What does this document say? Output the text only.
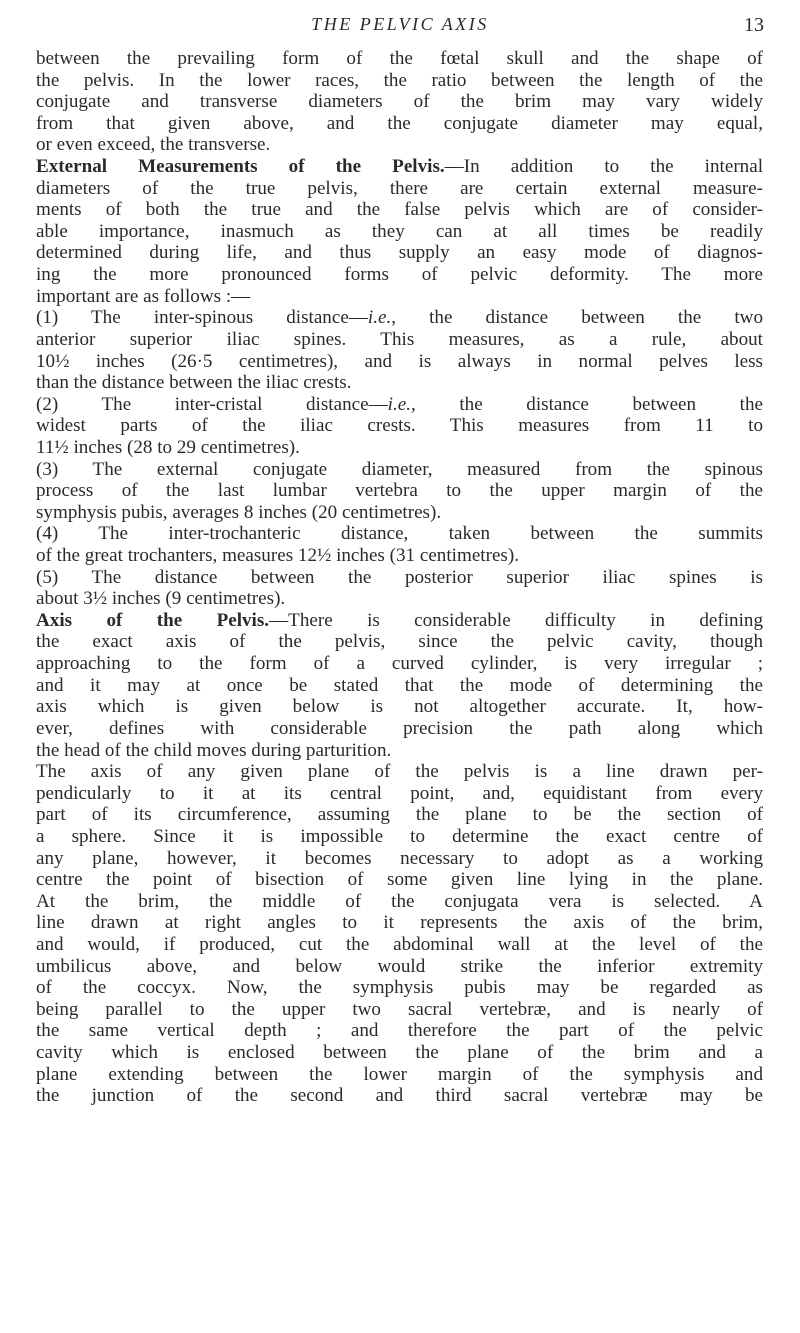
THE PELVIC AXIS	13
between the prevailing form of the fœtal skull and the shape of
the pelvis. In the lower races, the ratio between the length of the
conjugate and transverse diameters of the brim may vary widely
from that given above, and the conjugate diameter may equal,
or even exceed, the transverse.
External Measurements of the Pelvis.—In addition to the internal
diameters of the true pelvis, there are certain external measure-
ments of both the true and the false pelvis which are of consider-
able importance, inasmuch as they can at all times be readily
determined during life, and thus supply an easy mode of diagnos-
ing the more pronounced forms of pelvic deformity. The more
important are as follows :—
(1) The inter-spinous distance—i.e., the distance between the two
anterior superior iliac spines. This measures, as a rule, about
10½ inches (26·5 centimetres), and is always in normal pelves less
than the distance between the iliac crests.
(2) The inter-cristal distance—i.e., the distance between the
widest parts of the iliac crests. This measures from 11 to
11½ inches (28 to 29 centimetres).
(3) The external conjugate diameter, measured from the spinous
process of the last lumbar vertebra to the upper margin of the
symphysis pubis, averages 8 inches (20 centimetres).
(4) The inter-trochanteric distance, taken between the summits
of the great trochanters, measures 12½ inches (31 centimetres).
(5) The distance between the posterior superior iliac spines is
about 3½ inches (9 centimetres).
Axis of the Pelvis.—There is considerable difficulty in defining
the exact axis of the pelvis, since the pelvic cavity, though
approaching to the form of a curved cylinder, is very irregular ;
and it may at once be stated that the mode of determining the
axis which is given below is not altogether accurate. It, how-
ever, defines with considerable precision the path along which
the head of the child moves during parturition.
The axis of any given plane of the pelvis is a line drawn per-
pendicularly to it at its central point, and, equidistant from every
part of its circumference, assuming the plane to be the section of
a sphere. Since it is impossible to determine the exact centre of
any plane, however, it becomes necessary to adopt as a working
centre the point of bisection of some given line lying in the plane.
At the brim, the middle of the conjugata vera is selected. A
line drawn at right angles to it represents the axis of the brim,
and would, if produced, cut the abdominal wall at the level of the
umbilicus above, and below would strike the inferior extremity
of the coccyx. Now, the symphysis pubis may be regarded as
being parallel to the upper two sacral vertebræ, and is nearly of
the same vertical depth ; and therefore the part of the pelvic
cavity which is enclosed between the plane of the brim and a
plane extending between the lower margin of the symphysis and
the junction of the second and third sacral vertebræ may be
